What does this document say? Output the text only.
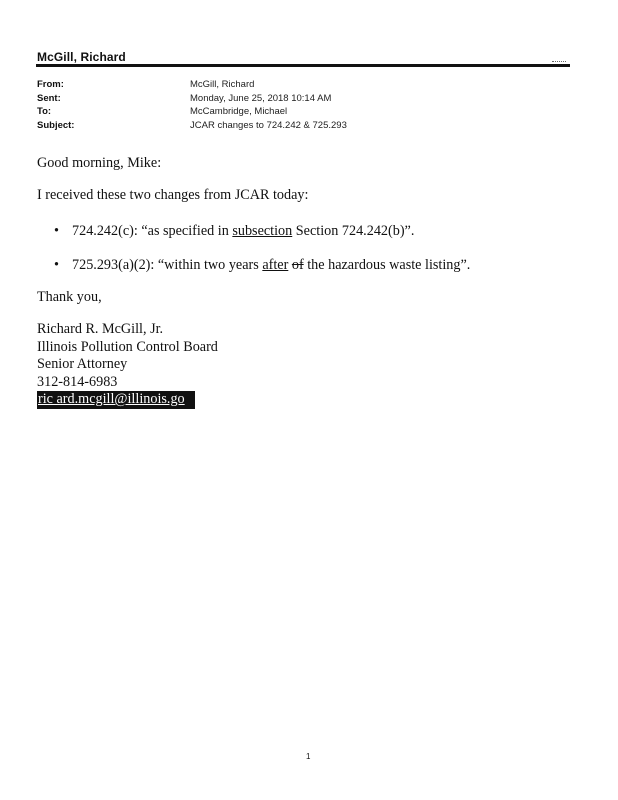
McGill, Richard
From:	McGill, Richard
Sent:	Monday, June 25, 2018 10:14 AM
To:	McCambridge, Michael
Subject:	JCAR changes to 724.242 & 725.293

Good morning, Mike:

I received these two changes from JCAR today:

• 724.242(c): “as specified in subsection Section 724.242(b)”.
• 725.293(a)(2): “within two years after of the hazardous waste listing”.

Thank you,

Richard R. McGill, Jr.
Illinois Pollution Control Board
Senior Attorney
312-814-6983
ric ard.mcgill@illinois.go
1
